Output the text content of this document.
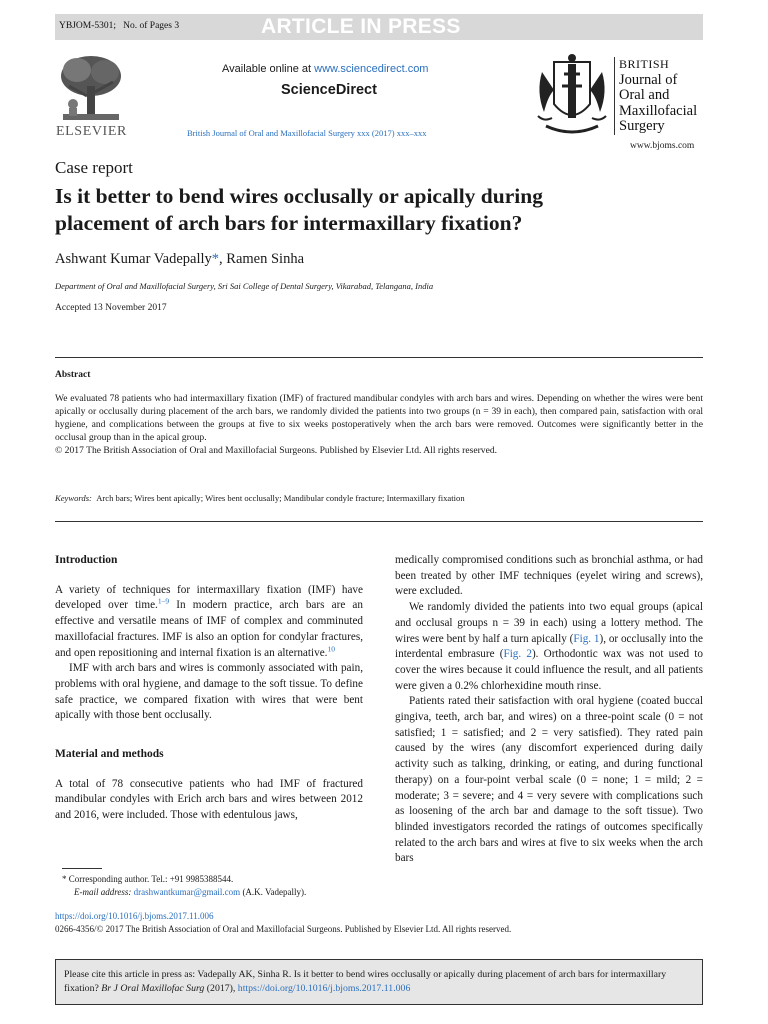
YBJOM-5301; No. of Pages 3	ARTICLE IN PRESS
ELSEVIER
Available online at www.sciencedirect.com
ScienceDirect
British Journal of Oral and Maxillofacial Surgery xxx (2017) xxx–xxx
BRITISH
Journal of
Oral and
Maxillofacial
Surgery
www.bjoms.com
Case report
Is it better to bend wires occlusally or apically during
placement of arch bars for intermaxillary fixation?
Ashwant Kumar Vadepally*, Ramen Sinha
Department of Oral and Maxillofacial Surgery, Sri Sai College of Dental Surgery, Vikarabad, Telangana, India
Accepted 13 November 2017
Abstract
We evaluated 78 patients who had intermaxillary fixation (IMF) of fractured mandibular condyles with arch bars and wires. Depending on whether the wires were bent apically or occlusally during placement of the arch bars, we randomly divided the patients into two groups (n = 39 in each), then compared pain, satisfaction with oral hygiene, and complications between the groups at five to six weeks postoperatively when the arch bars were removed. Outcomes were significantly better in the occlusal group than in the apical group.
© 2017 The British Association of Oral and Maxillofacial Surgeons. Published by Elsevier Ltd. All rights reserved.
Keywords: Arch bars; Wires bent apically; Wires bent occlusally; Mandibular condyle fracture; Intermaxillary fixation

Introduction

A variety of techniques for intermaxillary fixation (IMF) have developed over time.$^{1-9}$ In modern practice, arch bars are an effective and versatile means of IMF of complex and comminuted maxillofacial fractures. IMF is also an option for condylar fractures, and open repositioning and internal fixation is an alternative.$^{10}$

IMF with arch bars and wires is commonly associated with pain, problems with oral hygiene, and damage to the soft tissue. To define safe practice, we compared fixation with wires that were bent apically with those bent occlusally.

Material and methods

A total of 78 consecutive patients who had IMF of fractured mandibular condyles with Erich arch bars and wires between 2012 and 2016, were included. Those with edentulous jaws,

medically compromised conditions such as bronchial asthma, or had been treated by other IMF techniques (eyelet wiring and screws), were excluded.

We randomly divided the patients into two equal groups (apical and occlusal groups n = 39 in each) using a lottery method. The wires were bent by half a turn apically (Fig. 1), or occlusally into the interdental embrasure (Fig. 2). Orthodontic wax was not used to cover the wires because it could influence the result, and all patients were given a 0.2% chlorhexidine mouth rinse.

Patients rated their satisfaction with oral hygiene (coated buccal gingiva, teeth, arch bar, and wires) on a three-point scale (0 = not satisfied; 1 = satisfied; and 2 = very satisfied). They rated pain caused by the wires (any discomfort experienced during daily activity such as talking, drinking, or eating, and during functional therapy) on a four-point verbal scale (0 = none; 1 = mild; 2 = moderate; 3 = severe; and 4 = very severe with complications such as loosening of the arch bar and damage to the soft tissue). Two blinded investigators recorded the ratings of outcomes specifically related to the arch bars and wires at five to six weeks when the arch bars

* Corresponding author. Tel.: +91 9985388544.
E-mail address: drashwantkumar@gmail.com (A.K. Vadepally).
https://doi.org/10.1016/j.bjoms.2017.11.006
0266-4356/© 2017 The British Association of Oral and Maxillofacial Surgeons. Published by Elsevier Ltd. All rights reserved.
Please cite this article in press as: Vadepally AK, Sinha R. Is it better to bend wires occlusally or apically during placement of arch bars for intermaxillary fixation? Br J Oral Maxillofac Surg (2017), https://doi.org/10.1016/j.bjoms.2017.11.006
